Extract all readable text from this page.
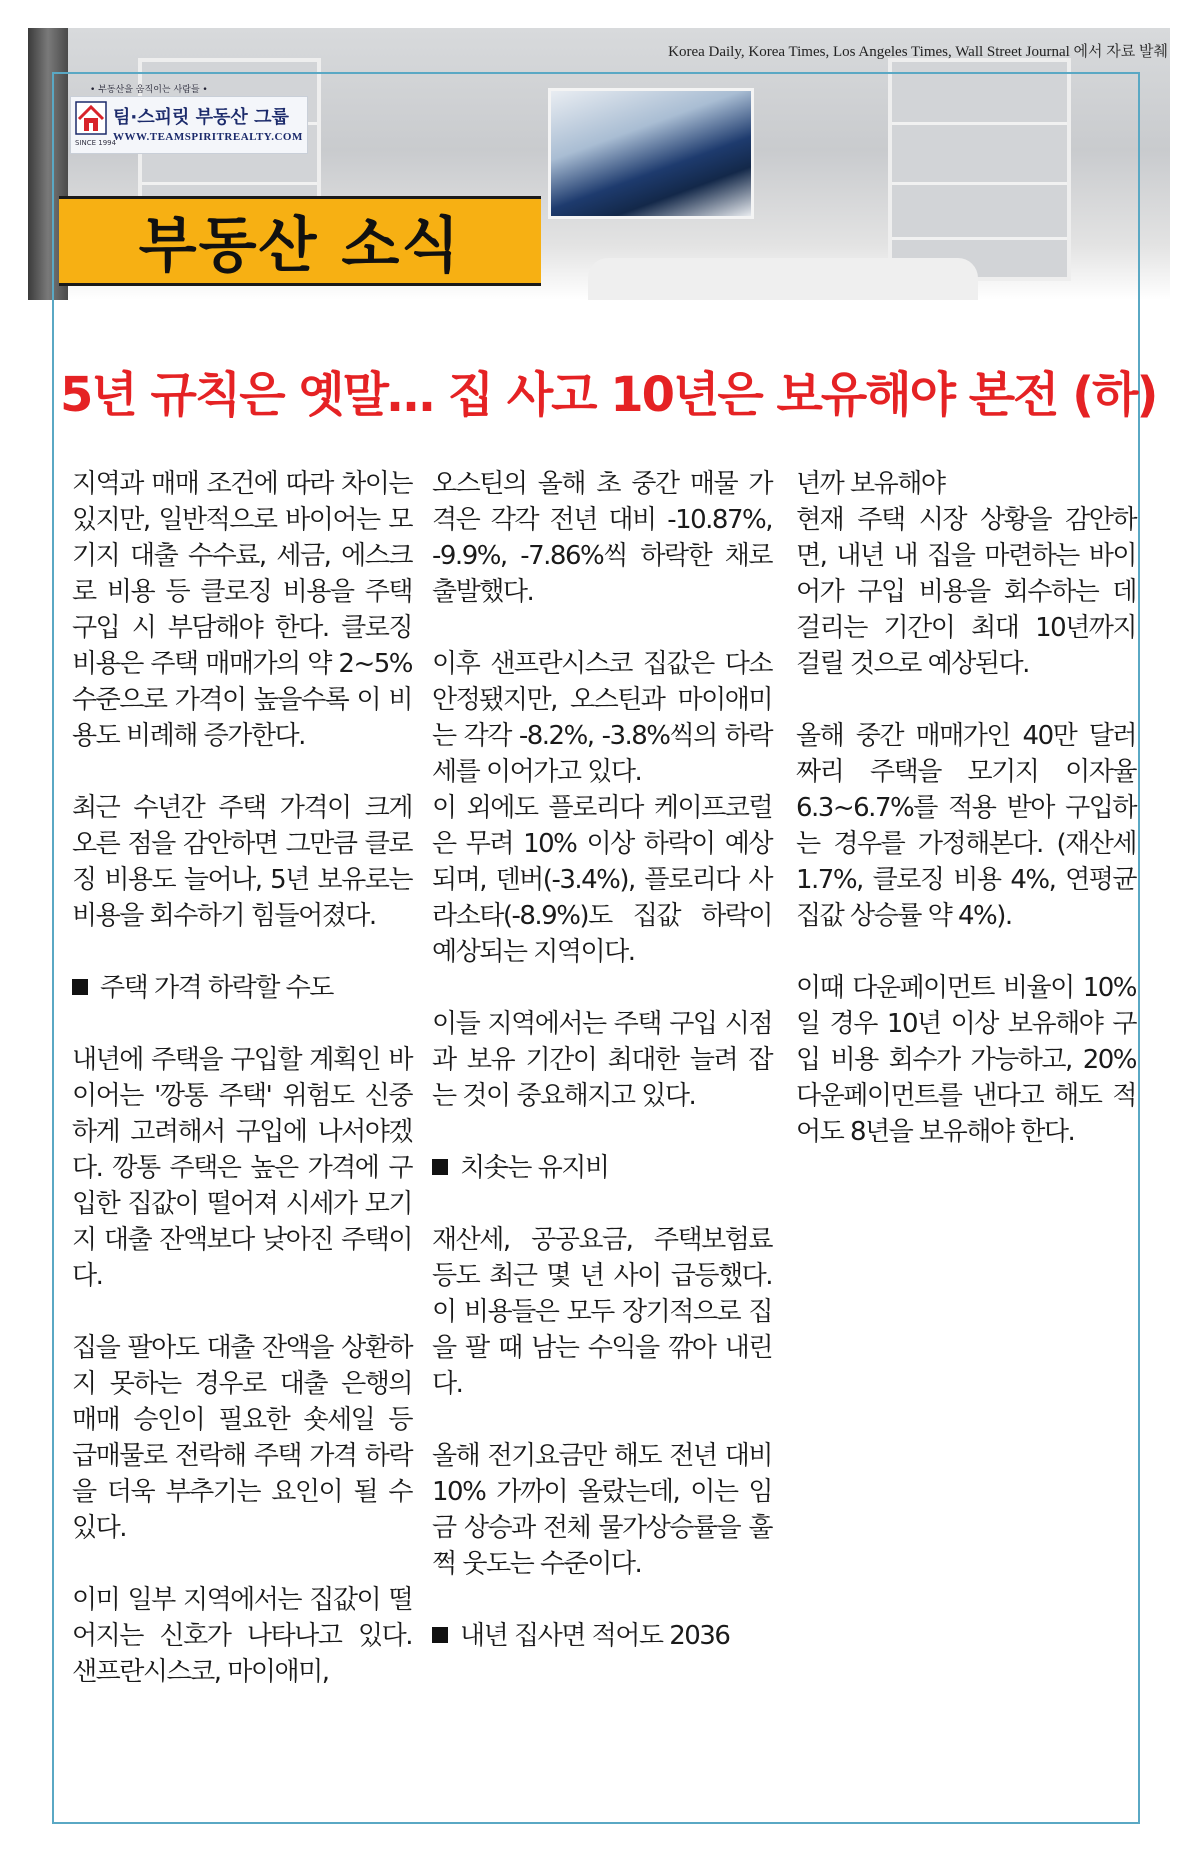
Korea Daily, Korea Times, Los Angeles Times, Wall Street Journal 에서 자료 발췌
• 부동산을 움직이는 사람들 •
SINCE 1994
팀·스피릿 부동산 그룹
WWW.TEAMSPIRITREALTY.COM
부동산 소식
5년 규칙은 옛말… 집 사고 10년은 보유해야 본전 (하)

지역과 매매 조건에 따라 차이는 있지만, 일반적으로 바이어는 모기지 대출 수수료, 세금, 에스크로 비용 등 클로징 비용을 주택 구입 시 부담해야 한다. 클로징 비용은 주택 매매가의 약 2~5% 수준으로 가격이 높을수록 이 비용도 비례해 증가한다.

최근 수년간 주택 가격이 크게 오른 점을 감안하면 그만큼 클로징 비용도 늘어나, 5년 보유로는 비용을 회수하기 힘들어졌다.

주택 가격 하락할 수도

내년에 주택을 구입할 계획인 바이어는 '깡통 주택' 위험도 신중하게 고려해서 구입에 나서야겠다. 깡통 주택은 높은 가격에 구입한 집값이 떨어져 시세가 모기지 대출 잔액보다 낮아진 주택이다.

집을 팔아도 대출 잔액을 상환하지 못하는 경우로 대출 은행의 매매 승인이 필요한 숏세일 등 급매물로 전락해 주택 가격 하락을 더욱 부추기는 요인이 될 수 있다.

이미 일부 지역에서는 집값이 떨어지는 신호가 나타나고 있다. 샌프란시스코, 마이애미,

오스틴의 올해 초 중간 매물 가격은 각각 전년 대비 -10.87%, -9.9%, -7.86%씩 하락한 채로 출발했다.

이후 샌프란시스코 집값은 다소 안정됐지만, 오스틴과 마이애미는 각각 -8.2%, -3.8%씩의 하락세를 이어가고 있다.

이 외에도 플로리다 케이프코럴은 무려 10% 이상 하락이 예상되며, 덴버(-3.4%), 플로리다 사라소타(-8.9%)도 집값 하락이 예상되는 지역이다.

이들 지역에서는 주택 구입 시점과 보유 기간이 최대한 늘려 잡는 것이 중요해지고 있다.

치솟는 유지비

재산세, 공공요금, 주택보험료 등도 최근 몇 년 사이 급등했다. 이 비용들은 모두 장기적으로 집을 팔 때 남는 수익을 깎아 내린다.

올해 전기요금만 해도 전년 대비 10% 가까이 올랐는데, 이는 임금 상승과 전체 물가상승률을 훌쩍 웃도는 수준이다.

내년 집사면 적어도 2036

년까 보유해야

현재 주택 시장 상황을 감안하면, 내년 내 집을 마련하는 바이어가 구입 비용을 회수하는 데 걸리는 기간이 최대 10년까지 걸릴 것으로 예상된다.

올해 중간 매매가인 40만 달러짜리 주택을 모기지 이자율 6.3~6.7%를 적용 받아 구입하는 경우를 가정해본다. (재산세 1.7%, 클로징 비용 4%, 연평균 집값 상승률 약 4%).

이때 다운페이먼트 비율이 10%일 경우 10년 이상 보유해야 구입 비용 회수가 가능하고, 20% 다운페이먼트를 낸다고 해도 적어도 8년을 보유해야 한다.
